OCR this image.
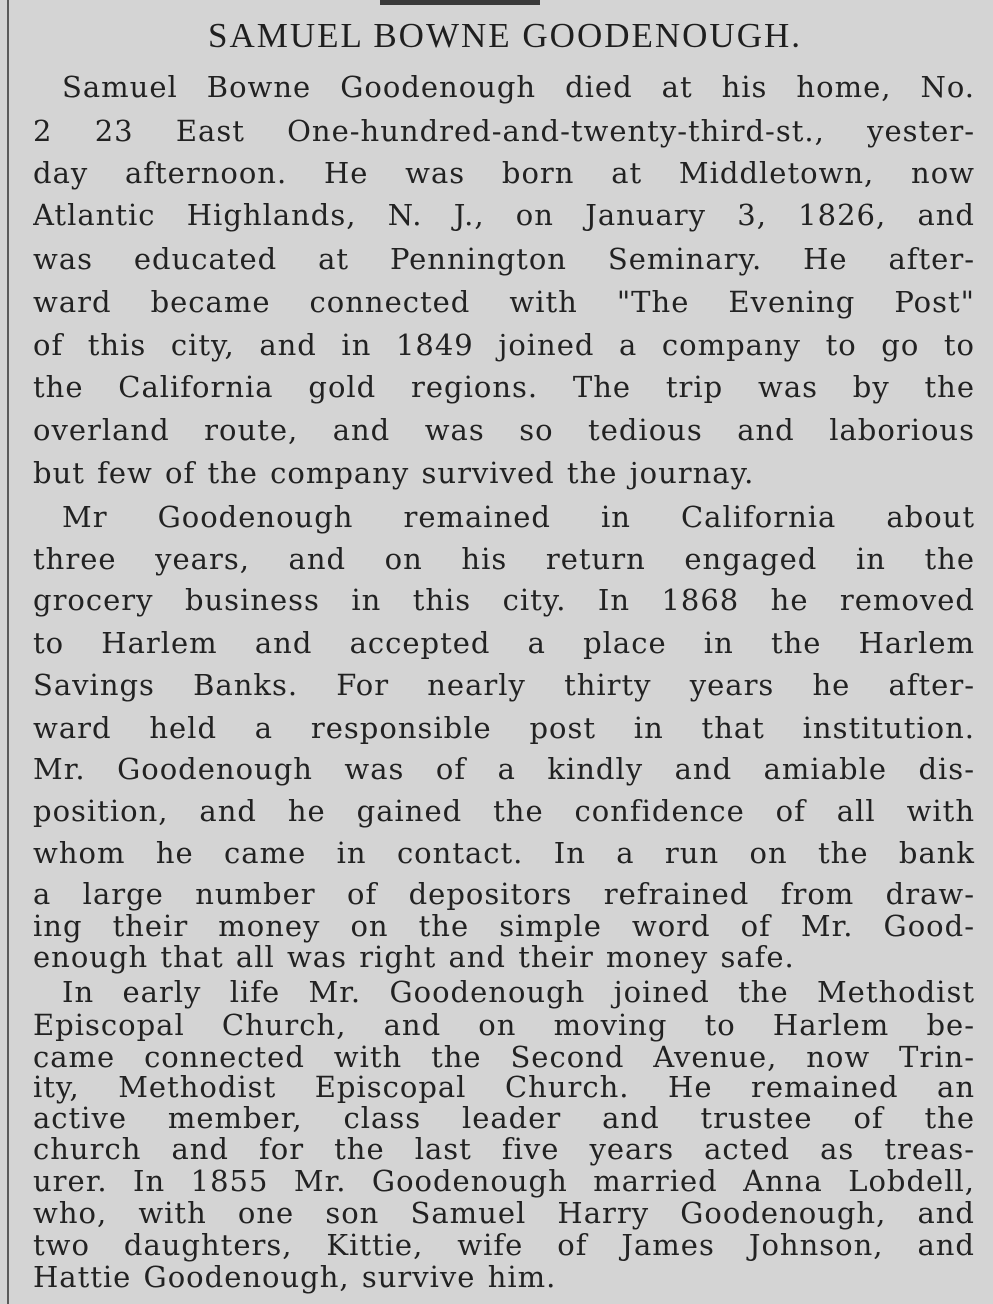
SAMUEL BOWNE GOODENOUGH.
Samuel Bowne Goodenough died at his home, No.
2 23 East One-hundred-and-twenty-third-st., yester-
day afternoon. He was born at Middletown, now
Atlantic Highlands, N. J., on January 3, 1826, and
was educated at Pennington Seminary. He after-
ward became connected with "The Evening Post"
of this city, and in 1849 joined a company to go to
the California gold regions. The trip was by the
overland route, and was so tedious and laborious
but few of the company survived the journay.
Mr Goodenough remained in California about
three years, and on his return engaged in the
grocery business in this city. In 1868 he removed
to Harlem and accepted a place in the Harlem
Savings Banks. For nearly thirty years he after-
ward held a responsible post in that institution.
Mr. Goodenough was of a kindly and amiable dis-
position, and he gained the confidence of all with
whom he came in contact. In a run on the bank
a large number of depositors refrained from draw-
ing their money on the simple word of Mr. Good-
enough that all was right and their money safe.
In early life Mr. Goodenough joined the Methodist
Episcopal Church, and on moving to Harlem be-
came connected with the Second Avenue, now Trin-
ity, Methodist Episcopal Church. He remained an
active member, class leader and trustee of the
church and for the last five years acted as treas-
urer. In 1855 Mr. Goodenough married Anna Lobdell,
who, with one son Samuel Harry Goodenough, and
two daughters, Kittie, wife of James Johnson, and
Hattie Goodenough, survive him.
